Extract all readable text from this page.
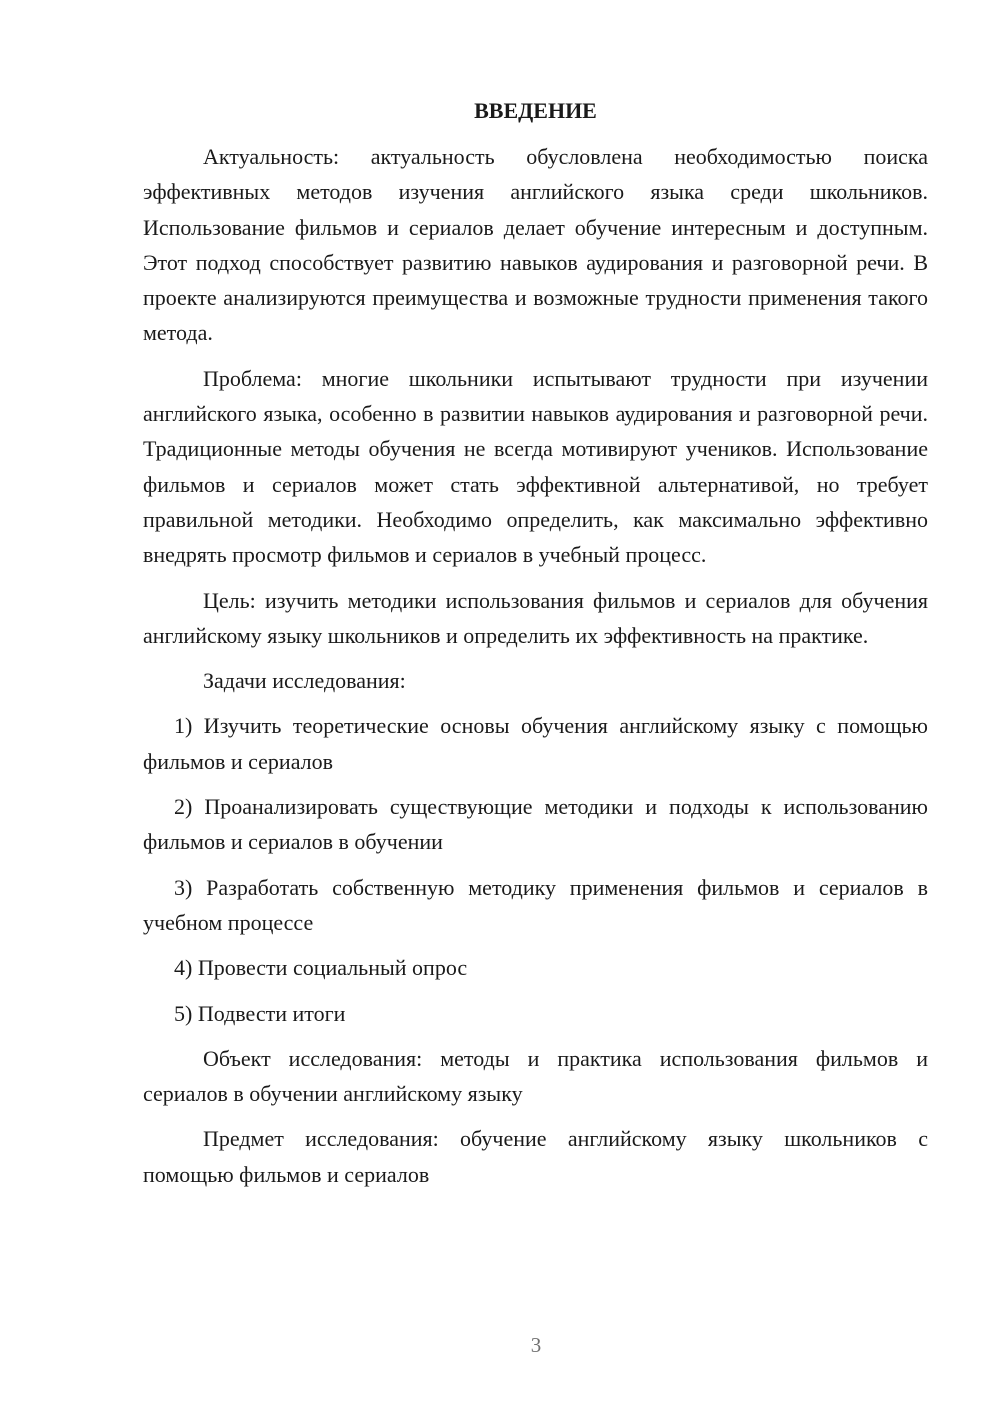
ВВЕДЕНИЕ

Актуальность: актуальность обусловлена необходимостью поиска эффективных методов изучения английского языка среди школьников. Использование фильмов и сериалов делает обучение интересным и доступным. Этот подход способствует развитию навыков аудирования и разговорной речи. В проекте анализируются преимущества и возможные трудности применения такого метода.

Проблема: многие школьники испытывают трудности при изучении английского языка, особенно в развитии навыков аудирования и разговорной речи. Традиционные методы обучения не всегда мотивируют учеников. Использование фильмов и сериалов может стать эффективной альтернативой, но требует правильной методики. Необходимо определить, как максимально эффективно внедрять просмотр фильмов и сериалов в учебный процесс.

Цель: изучить методики использования фильмов и сериалов для обучения английскому языку школьников и определить их эффективность на практике.

Задачи исследования:

1) Изучить теоретические основы обучения английскому языку с помощью фильмов и сериалов

2) Проанализировать существующие методики и подходы к использованию фильмов и сериалов в обучении

3) Разработать собственную методику применения фильмов и сериалов в учебном процессе

4) Провести социальный опрос

5) Подвести итоги

Объект исследования: методы и практика использования фильмов и сериалов в обучении английскому языку

Предмет исследования: обучение английскому языку школьников с помощью фильмов и сериалов

3
